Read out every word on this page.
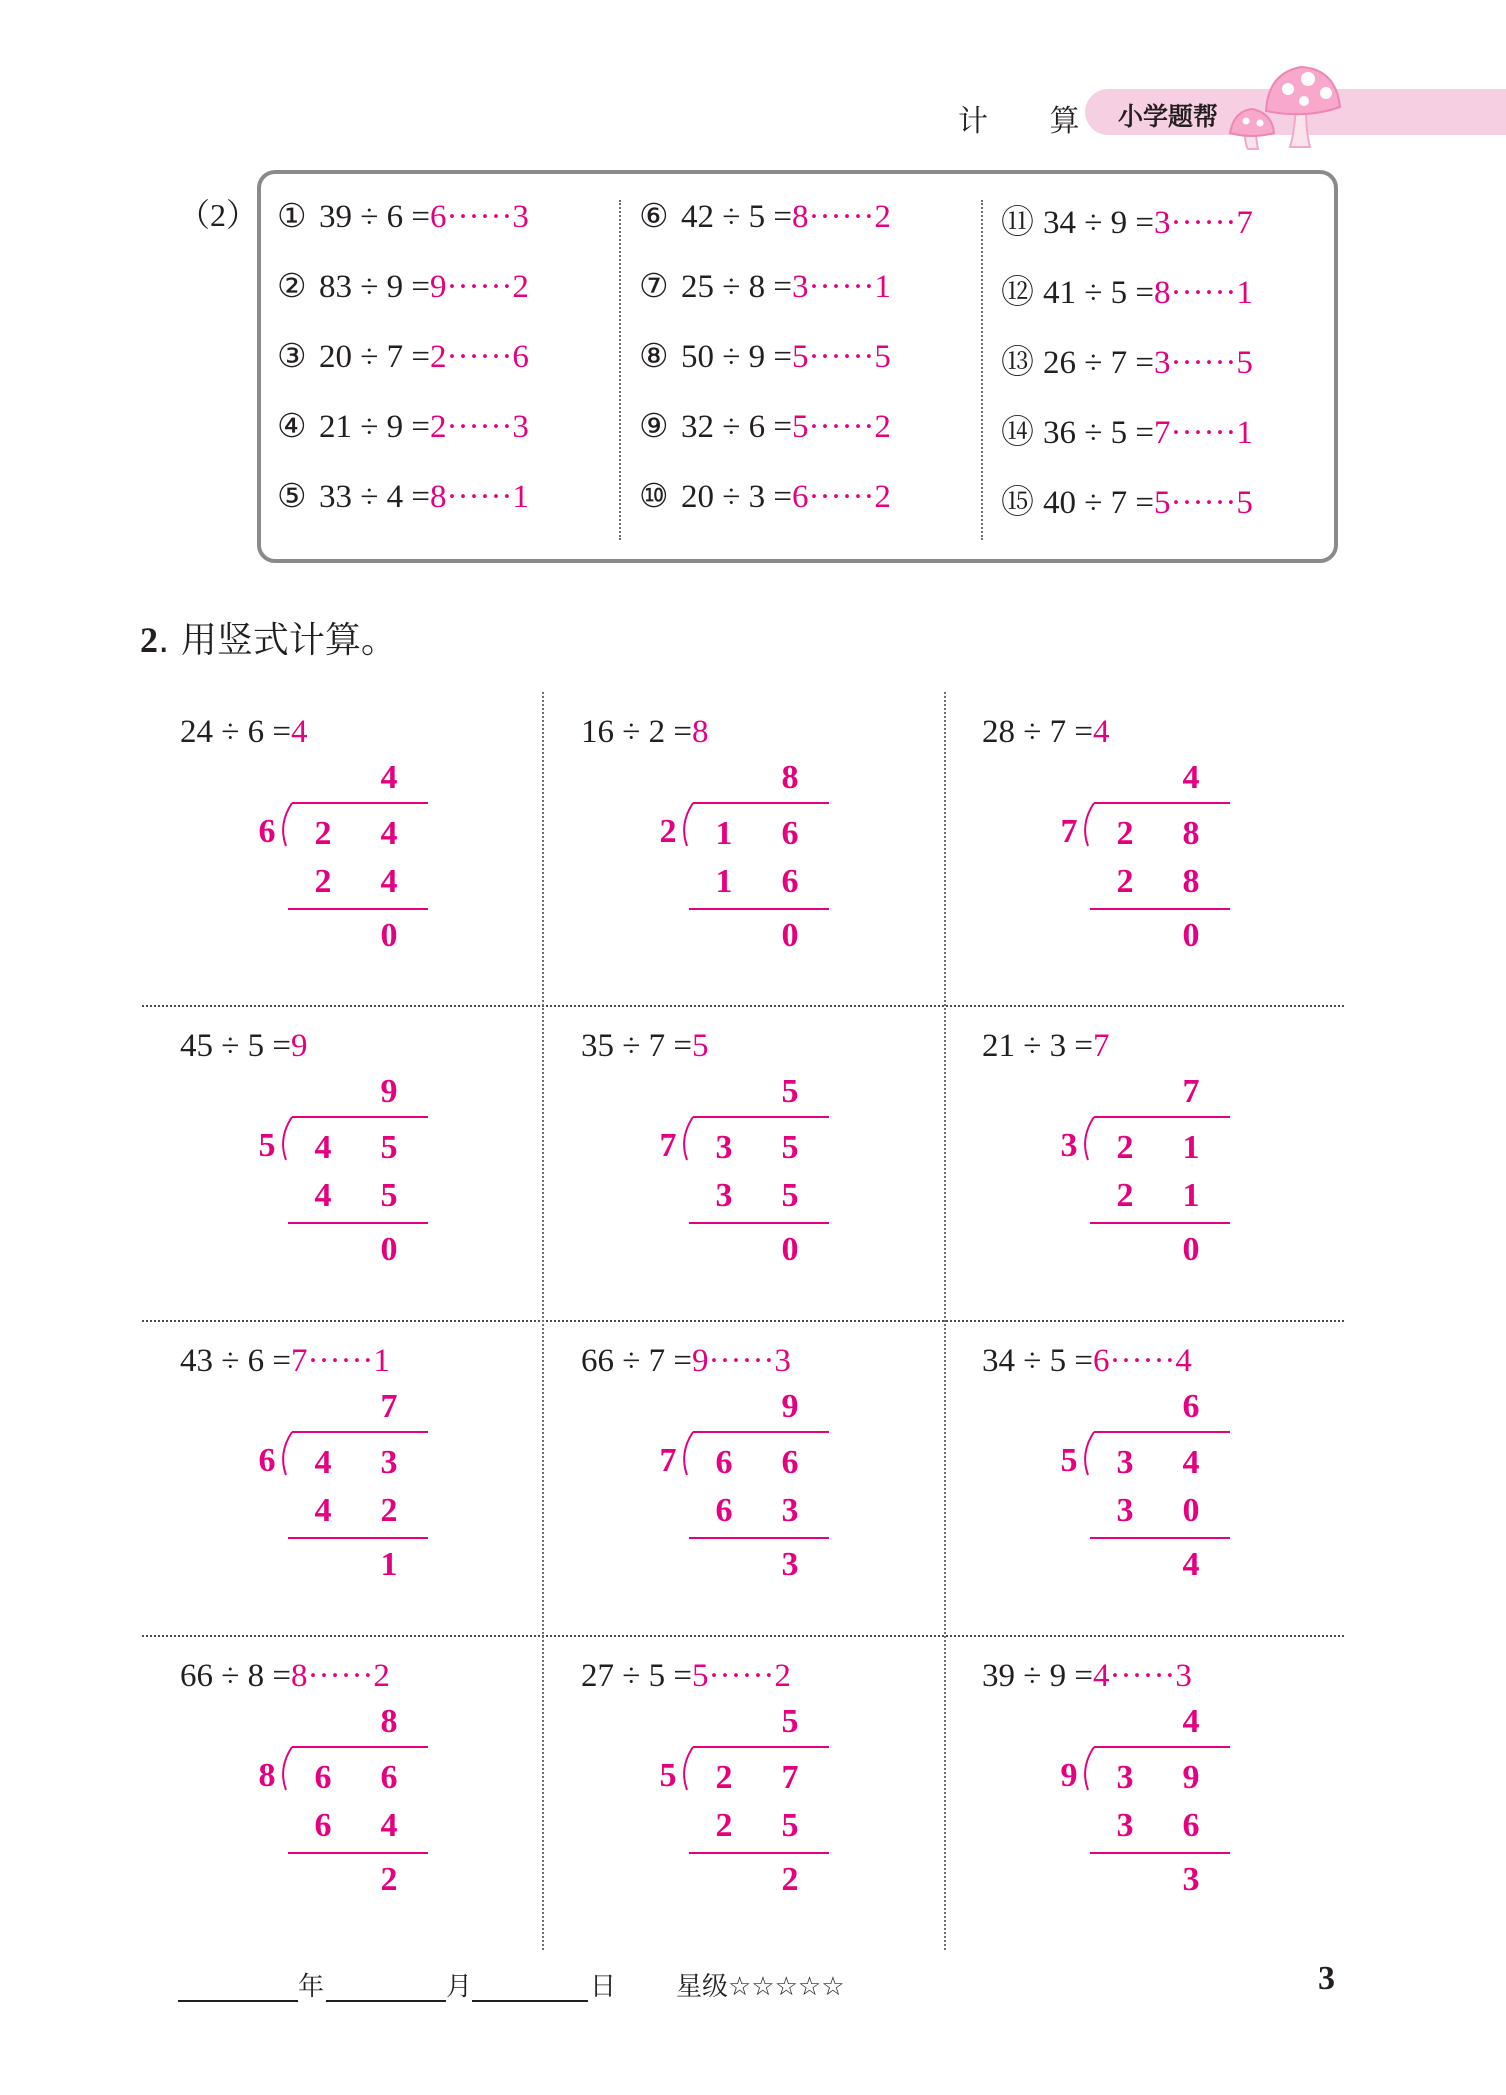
计 算 小学题帮
（2） ① 39 ÷ 6 =6······3
② 83 ÷ 9 =9······2
③ 20 ÷ 7 =2······6
④ 21 ÷ 9 =2······3
⑤ 33 ÷ 4 =8······1
⑥ 42 ÷ 5 =8······2
⑦ 25 ÷ 8 =3······1
⑧ 50 ÷ 9 =5······5
⑨ 32 ÷ 6 =5······2
⑩ 20 ÷ 3 =6······2
⑪ 34 ÷ 9 =3······7
⑫ 41 ÷ 5 =8······1
⑬ 26 ÷ 7 =3······5
⑭ 36 ÷ 5 =7······1
⑮ 40 ÷ 7 =5······5
2. 用竖式计算。
24 ÷ 6 =4
4
6 2 4
2 4
0
16 ÷ 2 =8
8
2 1 6
1 6
0
28 ÷ 7 =4
4
7 2 8
2 8
0
45 ÷ 5 =9
9
5 4 5
4 5
0
35 ÷ 7 =5
5
7 3 5
3 5
0
21 ÷ 3 =7
7
3 2 1
2 1
0
43 ÷ 6 =7······1
7
6 4 3
4 2
1
66 ÷ 7 =9······3
9
7 6 6
6 3
3
34 ÷ 5 =6······4
6
5 3 4
3 0
4
66 ÷ 8 =8······2
8
8 6 6
6 4
2
27 ÷ 5 =5······2
5
5 2 7
2 5
2
39 ÷ 9 =4······3
4
9 3 9
3 6
3
年	月	日 星级☆☆☆☆☆	3
